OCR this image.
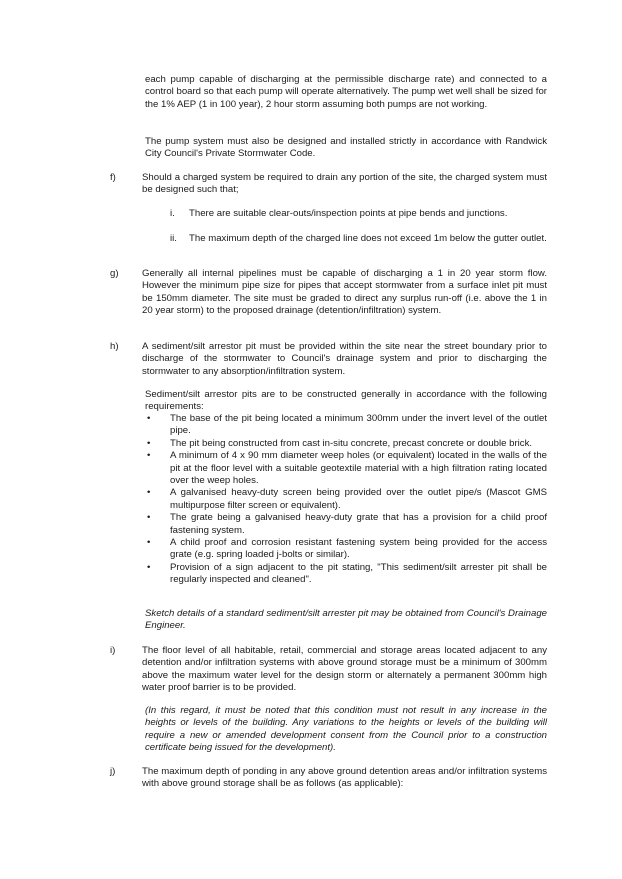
each pump capable of discharging at the permissible discharge rate) and connected to a control board so that each pump will operate alternatively. The pump wet well shall be sized for the 1% AEP (1 in 100 year), 2 hour storm assuming both pumps are not working.

The pump system must also be designed and installed strictly in accordance with Randwick City Council's Private Stormwater Code.

f)	Should a charged system be required to drain any portion of the site, the charged system must be designed such that;

i.	There are suitable clear-outs/inspection points at pipe bends and junctions.

ii.	The maximum depth of the charged line does not exceed 1m below the gutter outlet.

g)	Generally all internal pipelines must be capable of discharging a 1 in 20 year storm flow. However the minimum pipe size for pipes that accept stormwater from a surface inlet pit must be 150mm diameter. The site must be graded to direct any surplus run-off (i.e. above the 1 in 20 year storm) to the proposed drainage (detention/infiltration) system.

h)	A sediment/silt arrestor pit must be provided within the site near the street boundary prior to discharge of the stormwater to Council's drainage system and prior to discharging the stormwater to any absorption/infiltration system.

Sediment/silt arrestor pits are to be constructed generally in accordance with the following requirements:

• The base of the pit being located a minimum 300mm under the invert level of the outlet pipe.

• The pit being constructed from cast in-situ concrete, precast concrete or double brick.

• A minimum of 4 x 90 mm diameter weep holes (or equivalent) located in the walls of the pit at the floor level with a suitable geotextile material with a high filtration rating located over the weep holes.

• A galvanised heavy-duty screen being provided over the outlet pipe/s (Mascot GMS multipurpose filter screen or equivalent).

• The grate being a galvanised heavy-duty grate that has a provision for a child proof fastening system.

• A child proof and corrosion resistant fastening system being provided for the access grate (e.g. spring loaded j-bolts or similar).

• Provision of a sign adjacent to the pit stating, "This sediment/silt arrester pit shall be regularly inspected and cleaned".

Sketch details of a standard sediment/silt arrester pit may be obtained from Council's Drainage Engineer.

i)	The floor level of all habitable, retail, commercial and storage areas located adjacent to any detention and/or infiltration systems with above ground storage must be a minimum of 300mm above the maximum water level for the design storm or alternately a permanent 300mm high water proof barrier is to be provided.

(In this regard, it must be noted that this condition must not result in any increase in the heights or levels of the building. Any variations to the heights or levels of the building will require a new or amended development consent from the Council prior to a construction certificate being issued for the development).

j)	The maximum depth of ponding in any above ground detention areas and/or infiltration systems with above ground storage shall be as follows (as applicable):
